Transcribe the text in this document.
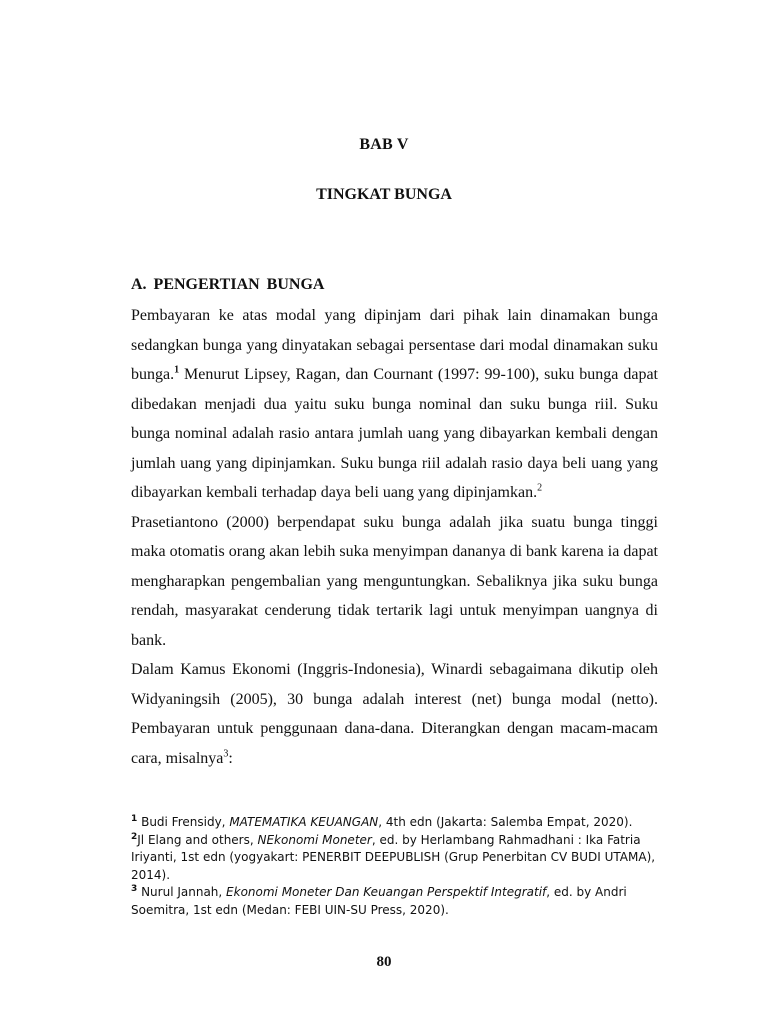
BAB V
TINGKAT BUNGA
A. PENGERTIAN BUNGA

Pembayaran ke atas modal yang dipinjam dari pihak lain dinamakan bunga sedangkan bunga yang dinyatakan sebagai persentase dari modal dinamakan suku bunga.$^1$ Menurut Lipsey, Ragan, dan Cournant (1997: 99-100), suku bunga dapat dibedakan menjadi dua yaitu suku bunga nominal dan suku bunga riil. Suku bunga nominal adalah rasio antara jumlah uang yang dibayarkan kembali dengan jumlah uang yang dipinjamkan. Suku bunga riil adalah rasio daya beli uang yang dibayarkan kembali terhadap daya beli uang yang dipinjamkan.$^2$

Prasetiantono (2000) berpendapat suku bunga adalah jika suatu bunga tinggi maka otomatis orang akan lebih suka menyimpan dananya di bank karena ia dapat mengharapkan pengembalian yang menguntungkan. Sebaliknya jika suku bunga rendah, masyarakat cenderung tidak tertarik lagi untuk menyimpan uangnya di bank.

Dalam Kamus Ekonomi (Inggris-Indonesia), Winardi sebagaimana dikutip oleh Widyaningsih (2005), 30 bunga adalah interest (net) bunga modal (netto). Pembayaran untuk penggunaan dana-dana. Diterangkan dengan macam-macam cara, misalnya$^3$:

$^1$ Budi Frensidy, MATEMATIKA KEUANGAN, 4th edn (Jakarta: Salemba Empat, 2020).

$^2$Jl Elang and others, NEkonomi Moneter, ed. by Herlambang Rahmadhani : Ika Fatria Iriyanti, 1st edn (yogyakart: PENERBIT DEEPUBLISH (Grup Penerbitan CV BUDI UTAMA), 2014).

$^3$ Nurul Jannah, Ekonomi Moneter Dan Keuangan Perspektif Integratif, ed. by Andri Soemitra, 1st edn (Medan: FEBI UIN-SU Press, 2020).

80
